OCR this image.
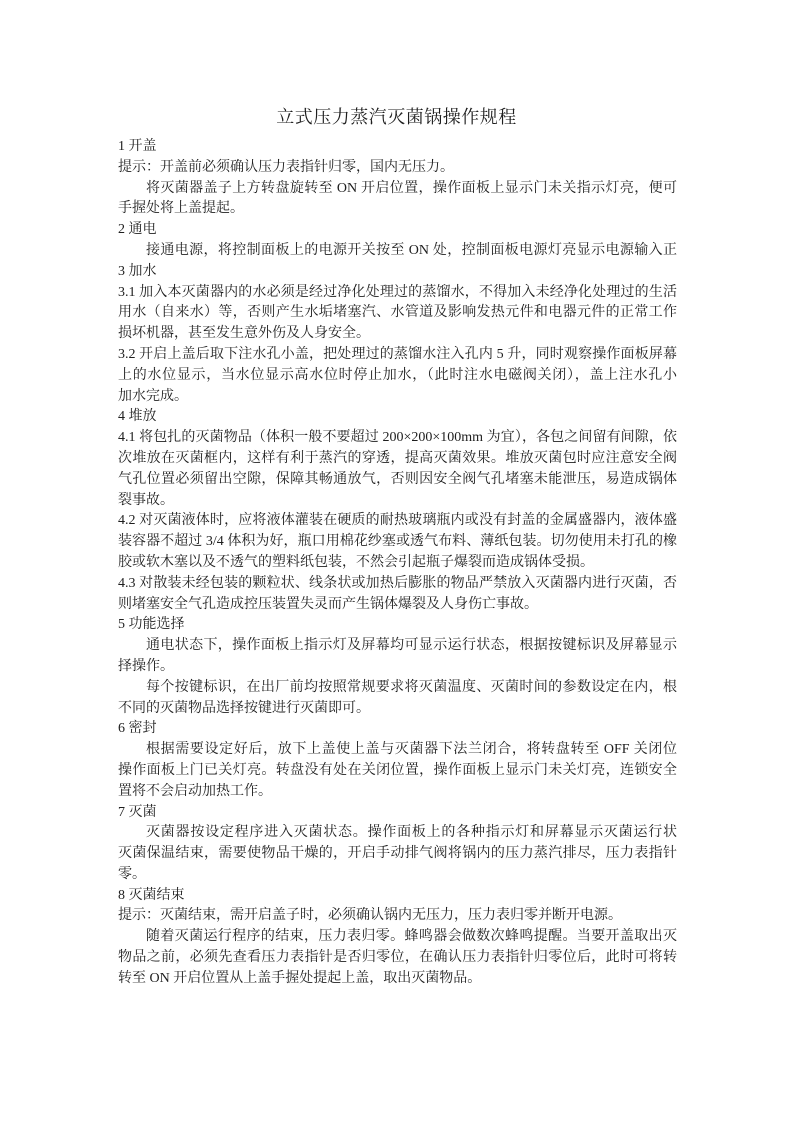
立式压力蒸汽灭菌锅操作规程
1 开盖
提示：开盖前必须确认压力表指针归零，国内无压力。
将灭菌器盖子上方转盘旋转至 ON 开启位置，操作面板上显示门未关指示灯亮，便可
手握处将上盖提起。
2 通电
接通电源，将控制面板上的电源开关按至 ON 处，控制面板电源灯亮显示电源输入正
3 加水
3.1 加入本灭菌器内的水必须是经过净化处理过的蒸馏水，不得加入未经净化处理过的生活
用水（自来水）等，否则产生水垢堵塞汽、水管道及影响发热元件和电器元件的正常工作
损坏机器，甚至发生意外伤及人身安全。
3.2 开启上盖后取下注水孔小盖，把处理过的蒸馏水注入孔内 5 升，同时观察操作面板屏幕
上的水位显示，当水位显示高水位时停止加水，（此时注水电磁阀关闭），盖上注水孔小
加水完成。
4 堆放
4.1 将包扎的灭菌物品（体积一般不要超过 200×200×100mm 为宜），各包之间留有间隙，依
次堆放在灭菌框内，这样有利于蒸汽的穿透，提高灭菌效果。堆放灭菌包时应注意安全阀
气孔位置必须留出空隙，保障其畅通放气，否则因安全阀气孔堵塞未能泄压，易造成锅体
裂事故。
4.2 对灭菌液体时，应将液体灌装在硬质的耐热玻璃瓶内或没有封盖的金属盛器内，液体盛
装容器不超过 3/4 体积为好，瓶口用棉花纱塞或透气布料、薄纸包装。切勿使用未打孔的橡
胶或软木塞以及不透气的塑料纸包装，不然会引起瓶子爆裂而造成锅体受损。
4.3 对散装未经包装的颗粒状、线条状或加热后膨胀的物品严禁放入灭菌器内进行灭菌，否
则堵塞安全气孔造成控压装置失灵而产生锅体爆裂及人身伤亡事故。
5 功能选择
通电状态下，操作面板上指示灯及屏幕均可显示运行状态，根据按键标识及屏幕显示
择操作。
每个按键标识，在出厂前均按照常规要求将灭菌温度、灭菌时间的参数设定在内，根
不同的灭菌物品选择按键进行灭菌即可。
6 密封
根据需要设定好后，放下上盖使上盖与灭菌器下法兰闭合，将转盘转至 OFF 关闭位
操作面板上门已关灯亮。转盘没有处在关闭位置，操作面板上显示门未关灯亮，连锁安全
置将不会启动加热工作。
7 灭菌
灭菌器按设定程序进入灭菌状态。操作面板上的各种指示灯和屏幕显示灭菌运行状
灭菌保温结束，需要使物品干燥的，开启手动排气阀将锅内的压力蒸汽排尽，压力表指针
零。
8 灭菌结束
提示：灭菌结束，需开启盖子时，必须确认锅内无压力，压力表归零并断开电源。
随着灭菌运行程序的结束，压力表归零。蜂鸣器会做数次蜂鸣提醒。当要开盖取出灭
物品之前，必须先查看压力表指针是否归零位，在确认压力表指针归零位后，此时可将转
转至 ON 开启位置从上盖手握处提起上盖，取出灭菌物品。
